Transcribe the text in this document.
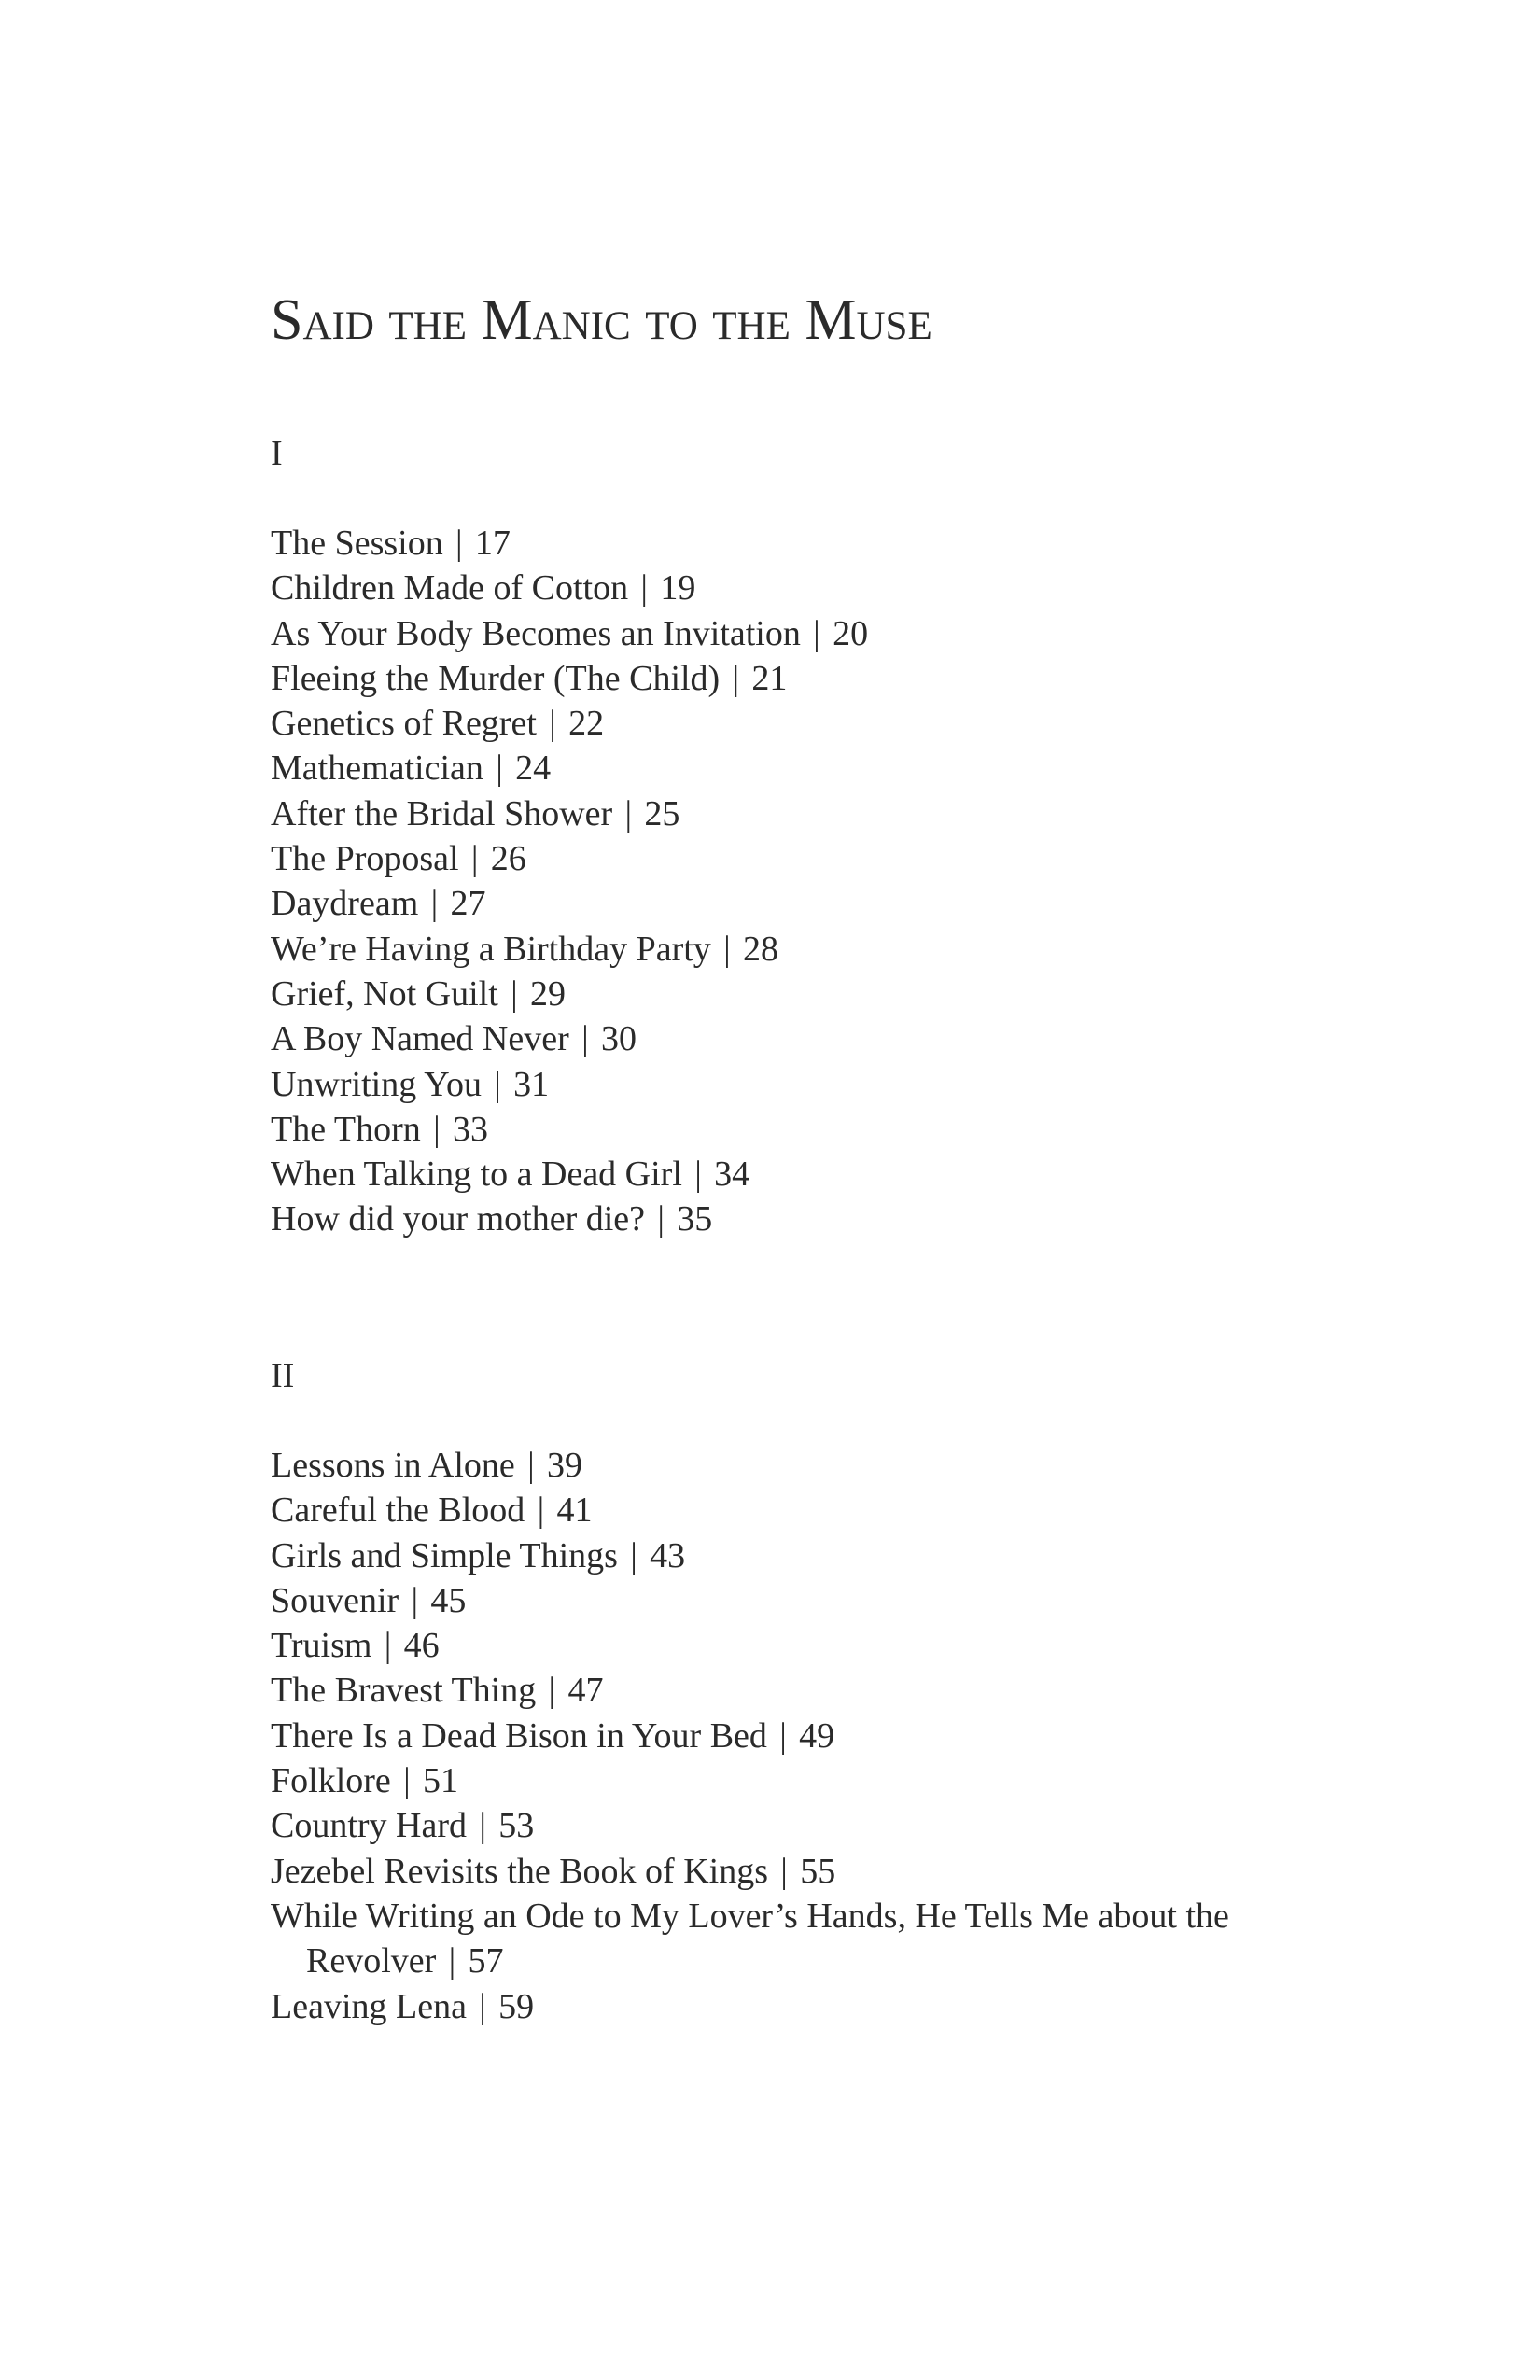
Said the Manic to the Muse
I
The Session | 17
Children Made of Cotton | 19
As Your Body Becomes an Invitation | 20
Fleeing the Murder (The Child) | 21
Genetics of Regret | 22
Mathematician | 24
After the Bridal Shower | 25
The Proposal | 26
Daydream | 27
We’re Having a Birthday Party | 28
Grief, Not Guilt | 29
A Boy Named Never | 30
Unwriting You | 31
The Thorn | 33
When Talking to a Dead Girl | 34
How did your mother die? | 35
II
Lessons in Alone | 39
Careful the Blood | 41
Girls and Simple Things | 43
Souvenir | 45
Truism | 46
The Bravest Thing | 47
There Is a Dead Bison in Your Bed | 49
Folklore | 51
Country Hard | 53
Jezebel Revisits the Book of Kings | 55
While Writing an Ode to My Lover’s Hands, He Tells Me about the Revolver | 57
Leaving Lena | 59
